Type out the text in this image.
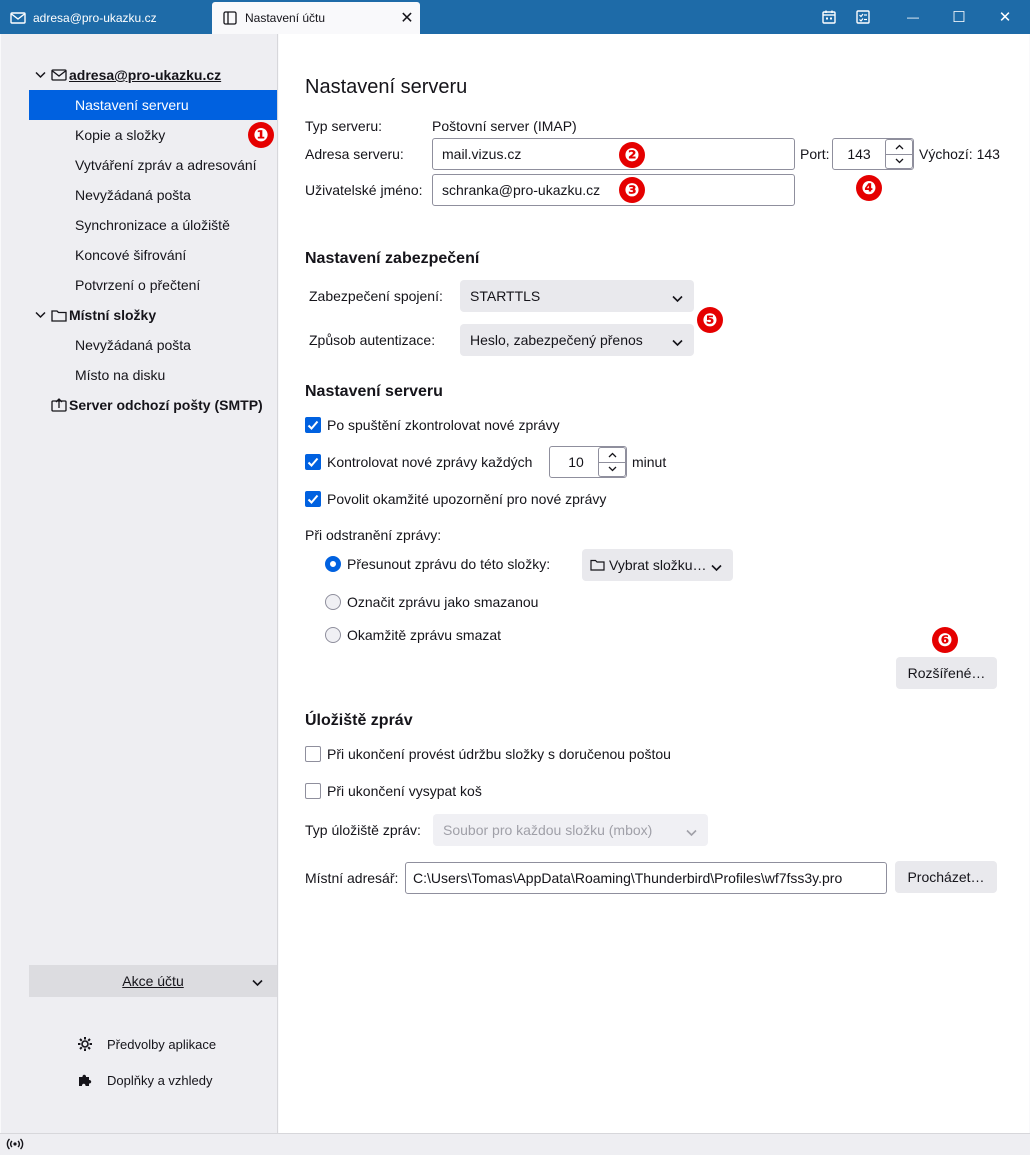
adresa@pro-ukazku.cz	Nastavení účtu	✕	— ☐ ✕
adresa@pro-ukazku.cz
Nastavení serveru
Kopie a složky
Vytváření zpráv a adresování
Nevyžádaná pošta
Synchronizace a úložiště
Koncové šifrování
Potvrzení o přečtení
Místní složky
Nevyžádaná pošta
Místo na disku
Server odchozí pošty (SMTP)
Akce účtu
Předvolby aplikace
Doplňky a vzhledy
Nastavení serveru
Typ serveru:	Poštovní server (IMAP)
Adresa serveru:	mail.vizus.cz	Port:	143	Výchozí: 143
Uživatelské jméno:	schranka@pro-ukazku.cz
Nastavení zabezpečení
Zabezpečení spojení: STARTTLS
Způsob autentizace: Heslo, zabezpečený přenos
Nastavení serveru
Po spuštění zkontrolovat nové zprávy
Kontrolovat nové zprávy každých	10	minut
Povolit okamžité upozornění pro nové zprávy
Při odstranění zprávy:
Přesunout zprávu do této složky:	Vybrat složku…
Označit zprávu jako smazanou
Okamžitě zprávu smazat
Rozšířené…
Úložiště zpráv
Při ukončení provést údržbu složky s doručenou poštou
Při ukončení vysypat koš
Typ úložiště zpráv: Soubor pro každou složku (mbox)
Místní adresář:	C:\Users\Tomas\AppData\Roaming\Thunderbird\Profiles\wf7fss3y.pro	Procházet…
❶
❷
❸	❹
❺
❻
